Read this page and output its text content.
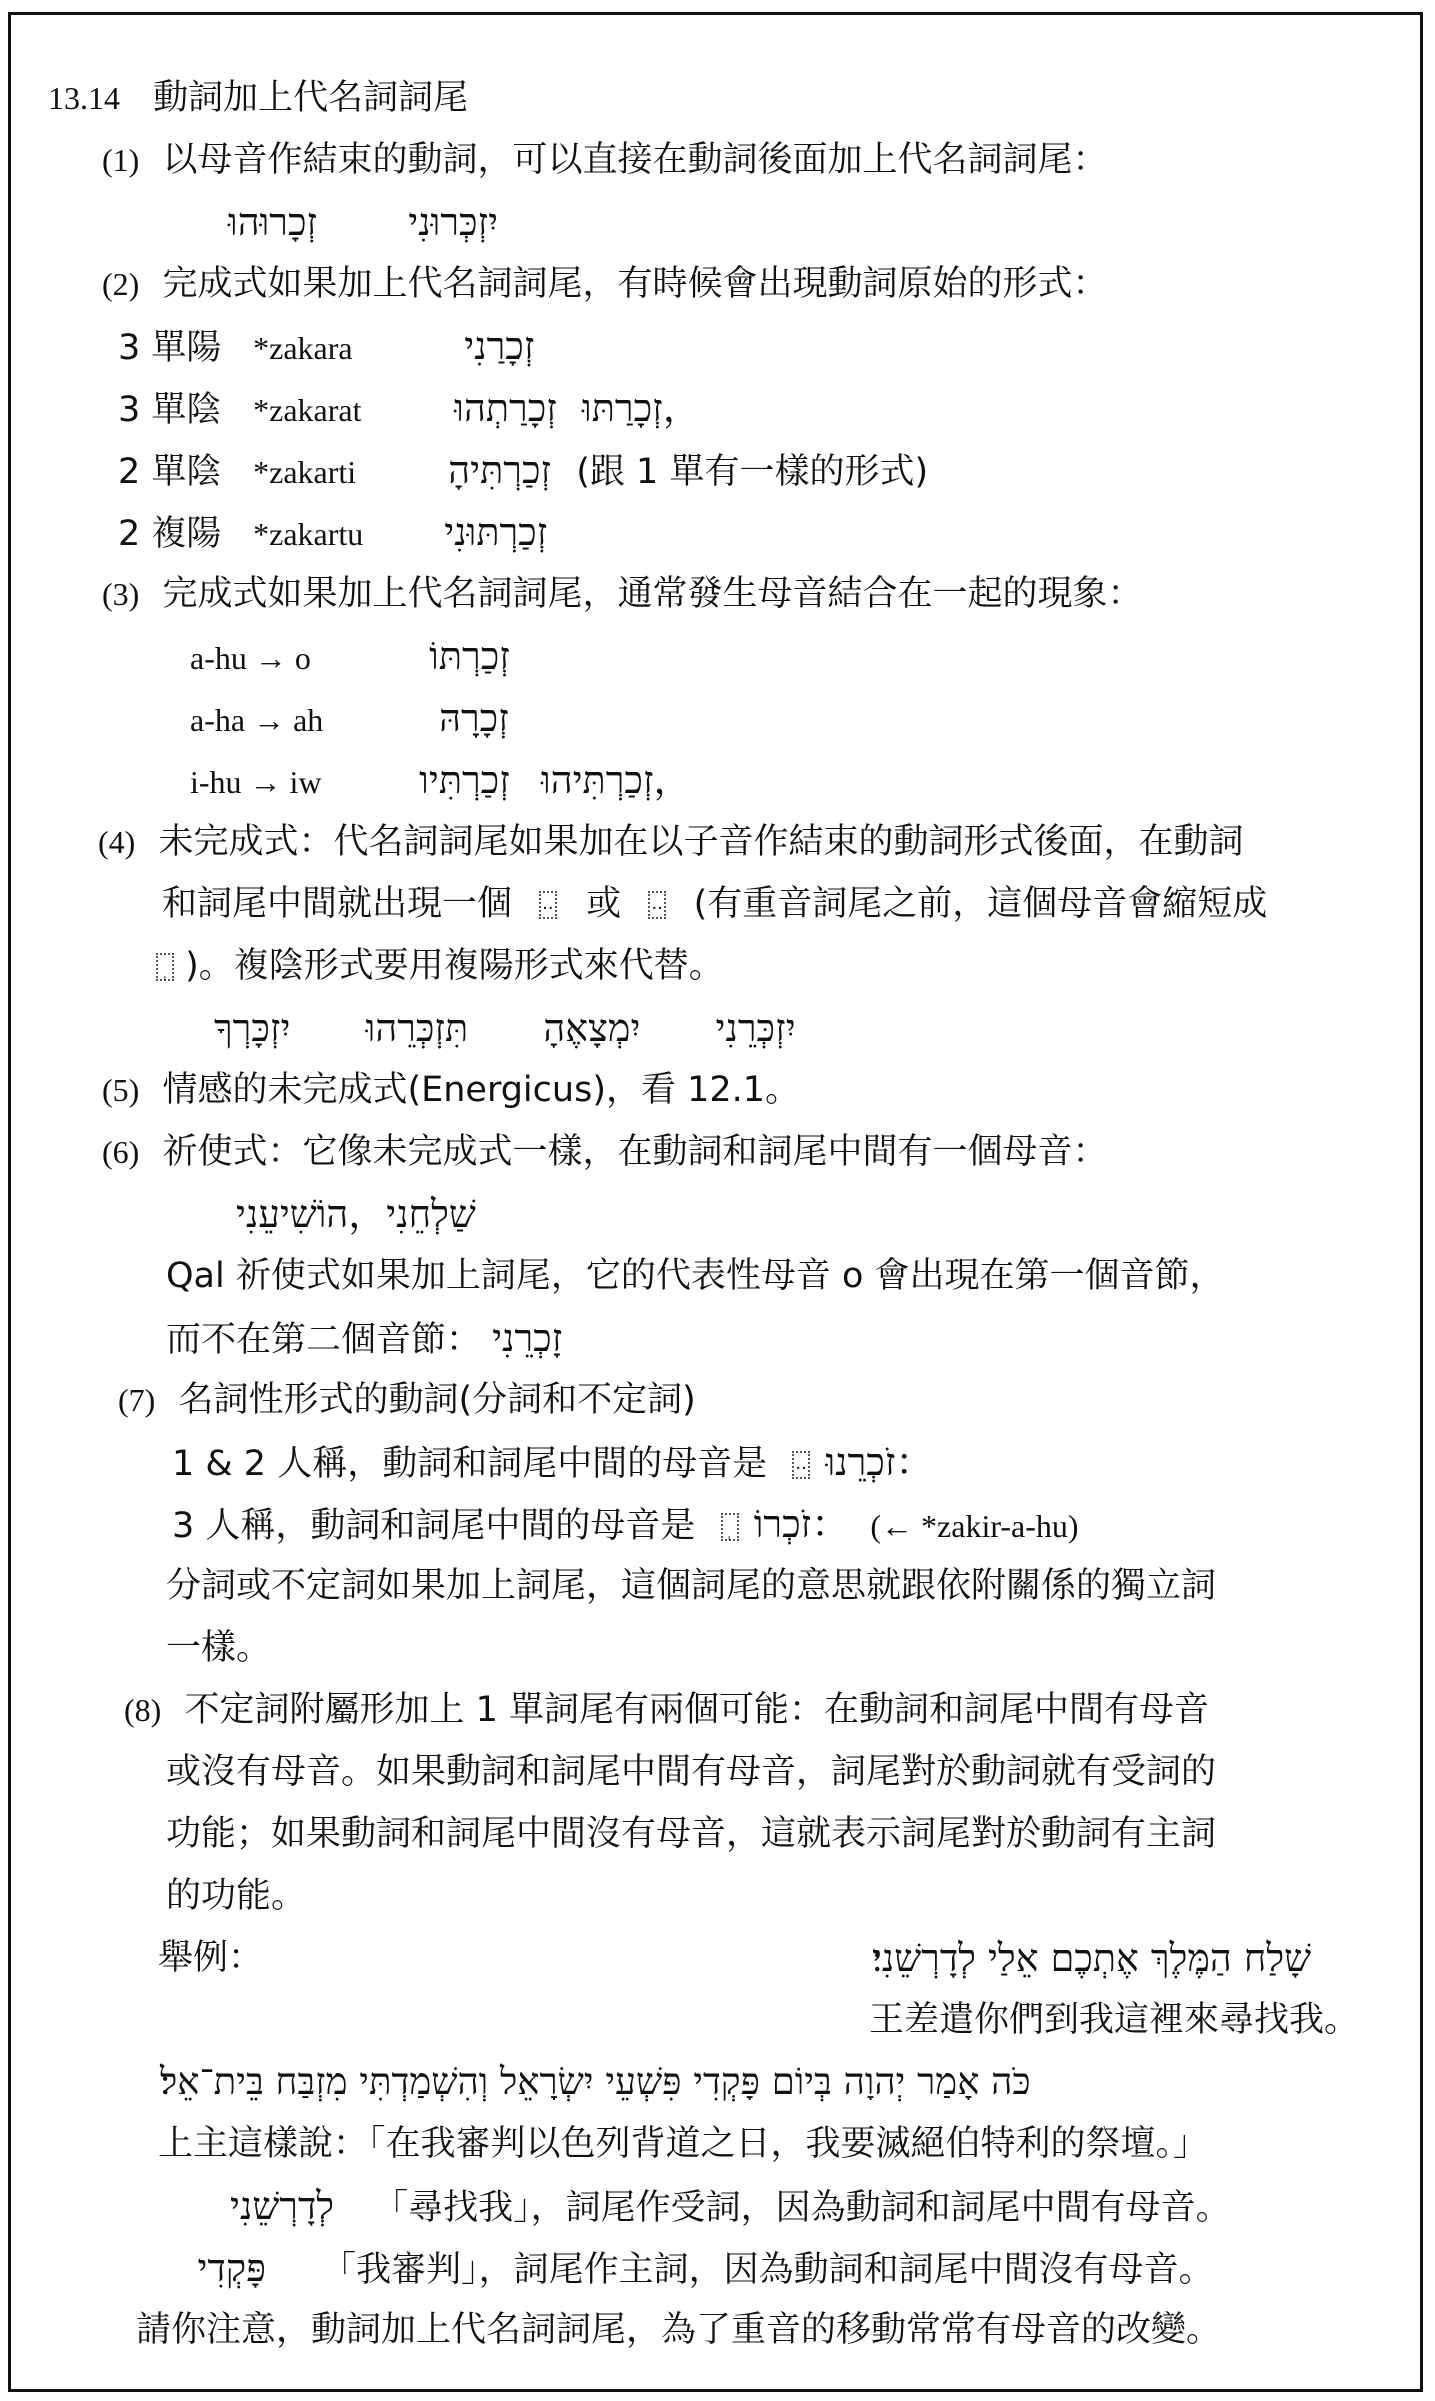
13.14 動詞加上代名詞詞尾
(1) 以母音作結束的動詞，可以直接在動詞後面加上代名詞詞尾：
זְכָרוּהוּ יִזְכְּרוּנִי
(2) 完成式如果加上代名詞詞尾，有時候會出現動詞原始的形式：
3 單陽 *zakara	זְכָרַנִי
3 單陰 *zakarat זְכָרַתְהוּ ，זְכָרַתּוּ
2 單陰 *zakarti זְכַרְתִּיהָ (跟 1 單有一樣的形式)
2 複陽 *zakartu זְכַרְתּוּנִי
(3) 完成式如果加上代名詞詞尾，通常發生母音結合在一起的現象：
a-hu → o	זְכַרְתּוֹ
a-ha → ah	זְכָרָהּ
i-hu → iw	זְכַרְתִּיו ，זְכַרְתִּיהוּ
(4) 未完成式：代名詞詞尾如果加在以子音作結束的動詞形式後面，在動詞
和詞尾中間就出現一個 ·· 或 ·· (有重音詞尾之前，這個母音會縮短成
ְ )。複陰形式要用複陽形式來代替。
יִזְכָּרְךָ תִּזְכְּרֵהוּ יִמְצָאֶהָ יִזְכְּרֵנִי
(5) 情感的未完成式(Energicus)，看 12.1。
(6) 祈使式：它像未完成式一樣，在動詞和詞尾中間有一個母音：
שַׁלְחֵנִי，הוֹשִׁיעֵנִי
Qal 祈使式如果加上詞尾，它的代表性母音 o 會出現在第一個音節，
而不在第二個音節： זָכְרֵנִי
(7) 名詞性形式的動詞(分詞和不定詞)
1 & 2 人稱，動詞和詞尾中間的母音是 ·· ：זֹכְרֵנוּ
3 人稱，動詞和詞尾中間的母音是 ְ ：זֹכְרוֹ (← *zakir-a-hu)
分詞或不定詞如果加上詞尾，這個詞尾的意思就跟依附關係的獨立詞
一樣。
(8) 不定詞附屬形加上 1 單詞尾有兩個可能：在動詞和詞尾中間有母音
或沒有母音。如果動詞和詞尾中間有母音，詞尾對於動詞就有受詞的
功能；如果動詞和詞尾中間沒有母音，這就表示詞尾對於動詞有主詞
的功能。
舉例：	שָׁלַח הַמֶּלֶךְ אֶתְכֶם אֵלַי לְדָרְשֵׁנִי׃
王差遣你們到我這裡來尋找我。
כֹּה אָמַר יְהוָה בְּיוֹם פָּקְדִי פִּשְׁעֵי יִשְׂרָאֵל וְהִשְׁמַדְתִּי מִזְבַּח בֵּית־אֵל׃
上主這樣說：「在我審判以色列背道之日，我要滅絕伯特利的祭壇。」
לְדָרְשֵׁנִי 「尋找我」，詞尾作受詞，因為動詞和詞尾中間有母音。
פָּקְדִי 「我審判」，詞尾作主詞，因為動詞和詞尾中間沒有母音。
請你注意，動詞加上代名詞詞尾，為了重音的移動常常有母音的改變。
